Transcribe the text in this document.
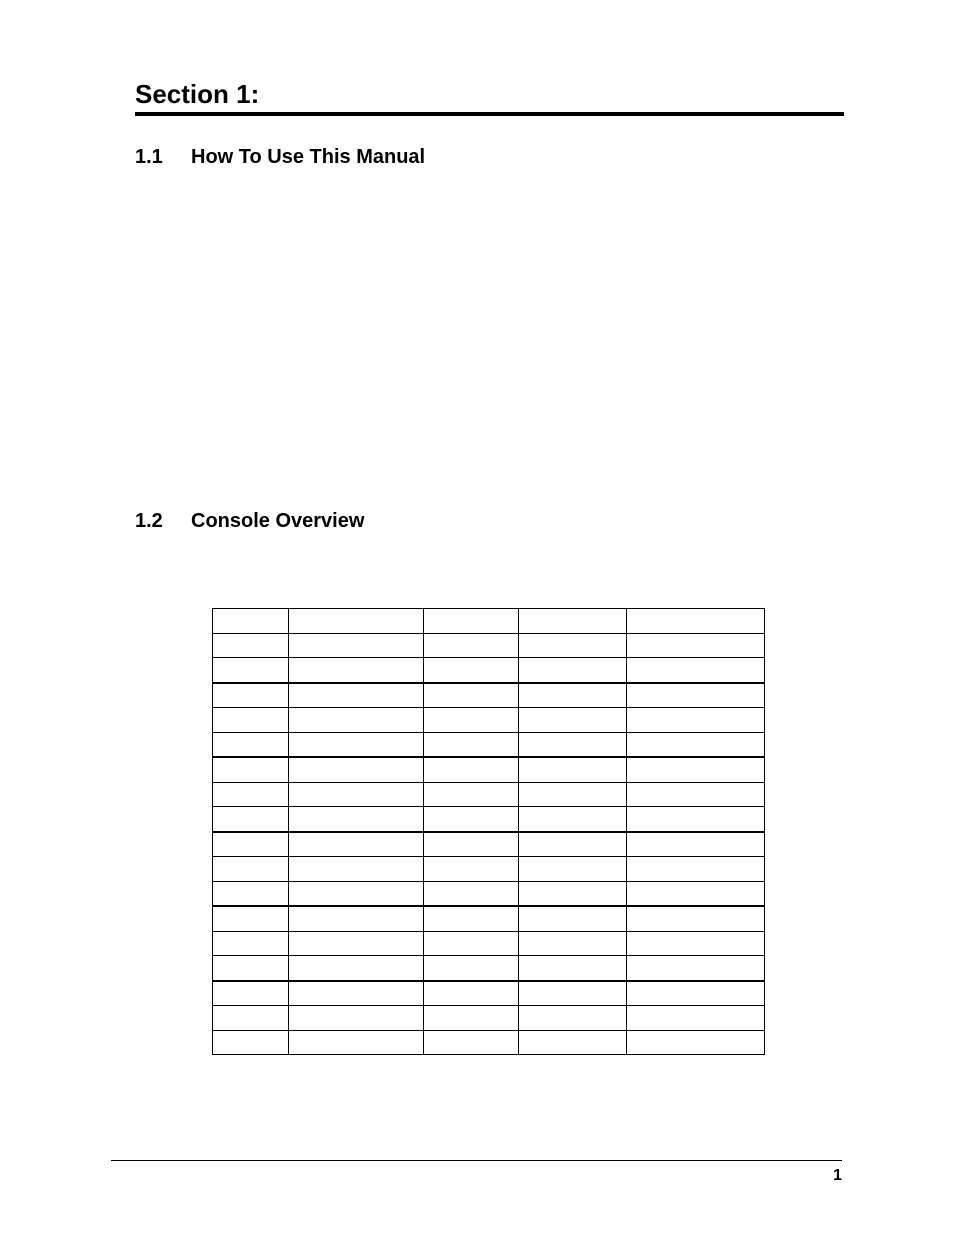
Section 1:
1.1 How To Use This Manual
1.2 Console Overview

1
